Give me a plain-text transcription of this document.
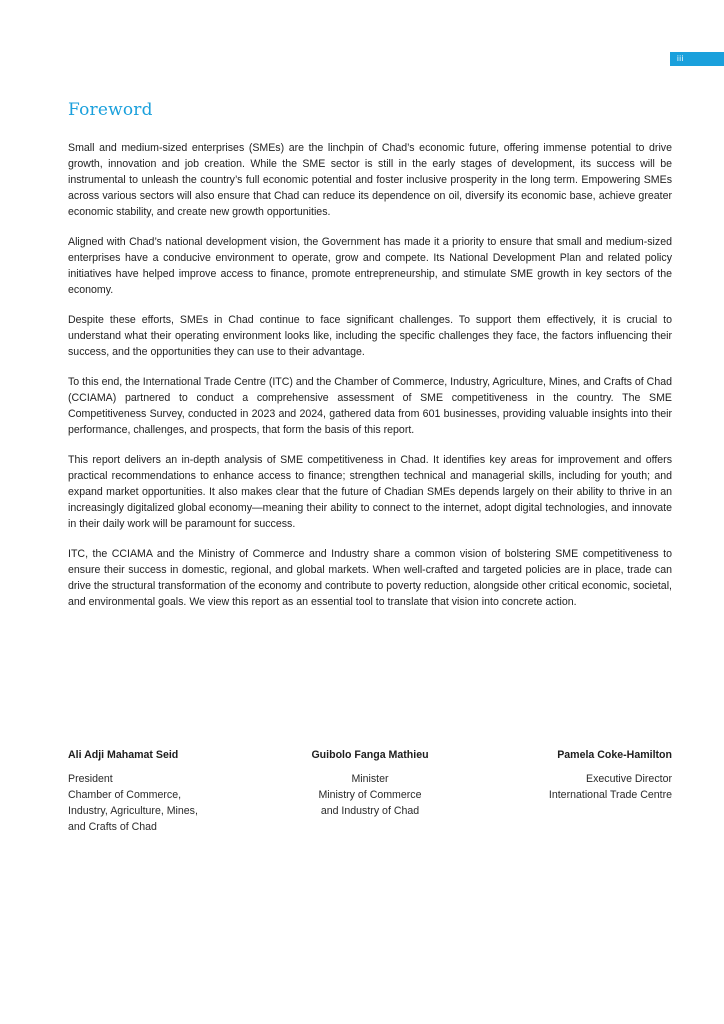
iii
Foreword

Small and medium-sized enterprises (SMEs) are the linchpin of Chad’s economic future, offering immense potential to drive growth, innovation and job creation. While the SME sector is still in the early stages of development, its success will be instrumental to unleash the country’s full economic potential and foster inclusive prosperity in the long term. Empowering SMEs across various sectors will also ensure that Chad can reduce its dependence on oil, diversify its economic base, achieve greater economic stability, and create new growth opportunities.

Aligned with Chad’s national development vision, the Government has made it a priority to ensure that small and medium-sized enterprises have a conducive environment to operate, grow and compete. Its National Development Plan and related policy initiatives have helped improve access to finance, promote entrepreneurship, and stimulate SME growth in key sectors of the economy.

Despite these efforts, SMEs in Chad continue to face significant challenges. To support them effectively, it is crucial to understand what their operating environment looks like, including the specific challenges they face, the factors influencing their success, and the opportunities they can use to their advantage.

To this end, the International Trade Centre (ITC) and the Chamber of Commerce, Industry, Agriculture, Mines, and Crafts of Chad (CCIAMA) partnered to conduct a comprehensive assessment of SME competitiveness in the country. The SME Competitiveness Survey, conducted in 2023 and 2024, gathered data from 601 businesses, providing valuable insights into their performance, challenges, and prospects, that form the basis of this report.

This report delivers an in-depth analysis of SME competitiveness in Chad. It identifies key areas for improvement and offers practical recommendations to enhance access to finance; strengthen technical and managerial skills, including for youth; and expand market opportunities. It also makes clear that the future of Chadian SMEs depends largely on their ability to thrive in an increasingly digitalized global economy—meaning their ability to connect to the internet, adopt digital technologies, and innovate in their daily work will be paramount for success.

ITC, the CCIAMA and the Ministry of Commerce and Industry share a common vision of bolstering SME competitiveness to ensure their success in domestic, regional, and global markets. When well-crafted and targeted policies are in place, trade can drive the structural transformation of the economy and contribute to poverty reduction, alongside other critical economic, societal, and environmental goals. We view this report as an essential tool to translate that vision into concrete action.

Ali Adji Mahamat Seid
President
Chamber of Commerce,
Industry, Agriculture, Mines,
and Crafts of Chad
Guibolo Fanga Mathieu
Minister
Ministry of Commerce
and Industry of Chad
Pamela Coke-Hamilton
Executive Director
International Trade Centre
